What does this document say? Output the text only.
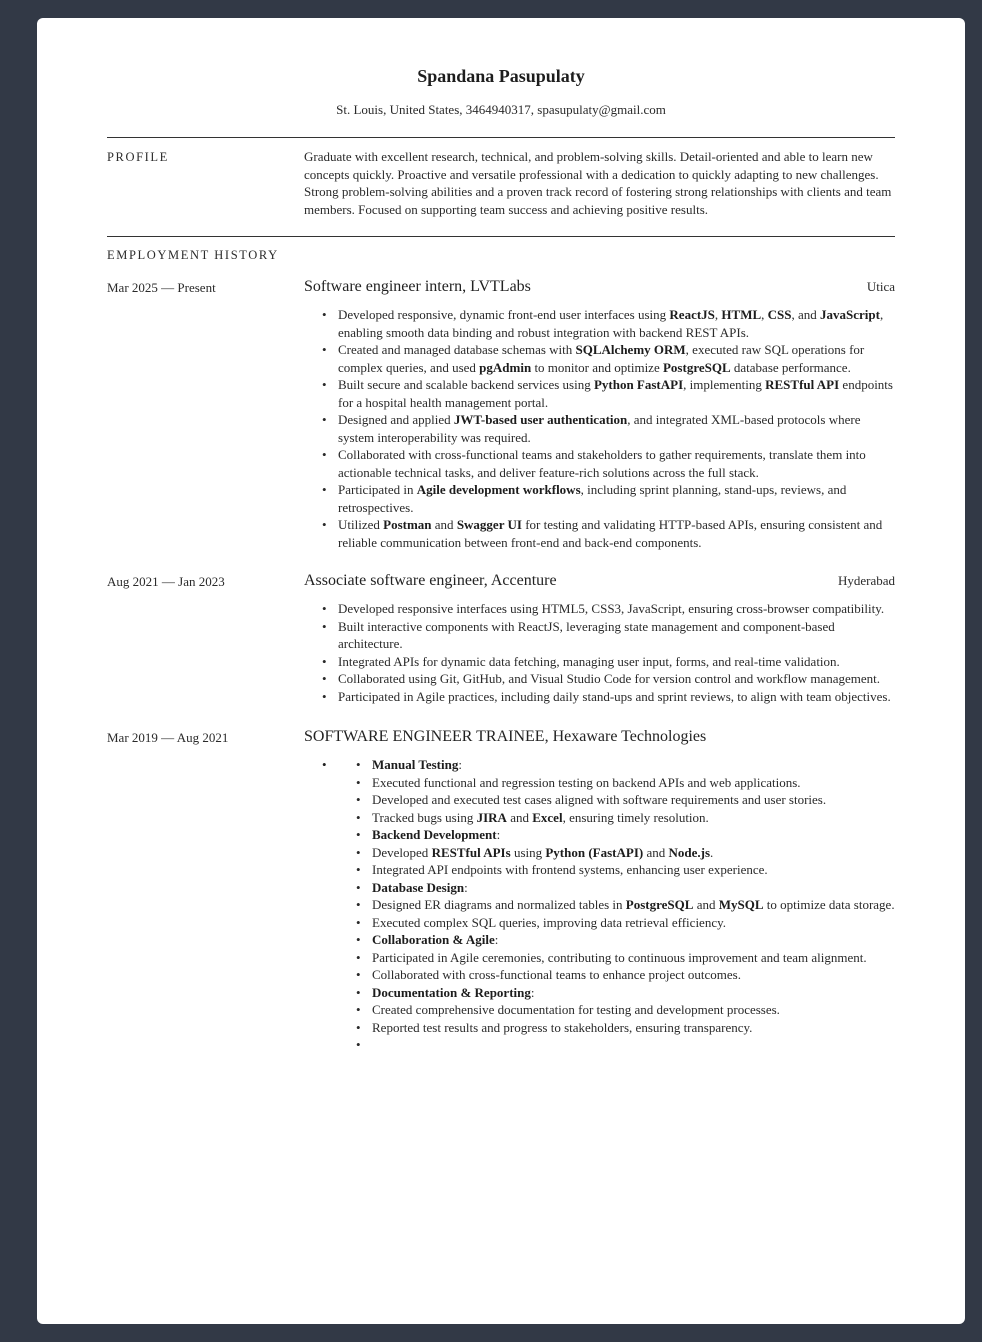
Spandana Pasupulaty
St. Louis, United States, 3464940317, spasupulaty@gmail.com
PROFILE	Graduate with excellent research, technical, and problem-solving skills. Detail-oriented and able to learn new concepts quickly. Proactive and versatile professional with a dedication to quickly adapting to new challenges. Strong problem-solving abilities and a proven track record of fostering strong relationships with clients and team members. Focused on supporting team success and achieving positive results.
EMPLOYMENT HISTORY
Mar 2025 — Present	Software engineer intern, LVTLabs	Utica
• Developed responsive, dynamic front-end user interfaces using ReactJS, HTML, CSS, and JavaScript, enabling smooth data binding and robust integration with backend REST APIs.
• Created and managed database schemas with SQLAlchemy ORM, executed raw SQL operations for complex queries, and used pgAdmin to monitor and optimize PostgreSQL database performance.
• Built secure and scalable backend services using Python FastAPI, implementing RESTful API endpoints for a hospital health management portal.
• Designed and applied JWT-based user authentication, and integrated XML-based protocols where system interoperability was required.
• Collaborated with cross-functional teams and stakeholders to gather requirements, translate them into actionable technical tasks, and deliver feature-rich solutions across the full stack.
• Participated in Agile development workflows, including sprint planning, stand-ups, reviews, and retrospectives.
• Utilized Postman and Swagger UI for testing and validating HTTP-based APIs, ensuring consistent and reliable communication between front-end and back-end components.
Aug 2021 — Jan 2023	Associate software engineer, Accenture	Hyderabad
• Developed responsive interfaces using HTML5, CSS3, JavaScript, ensuring cross-browser compatibility.
• Built interactive components with ReactJS, leveraging state management and component-based architecture.
• Integrated APIs for dynamic data fetching, managing user input, forms, and real-time validation.
• Collaborated using Git, GitHub, and Visual Studio Code for version control and workflow management.
• Participated in Agile practices, including daily stand-ups and sprint reviews, to align with team objectives.
Mar 2019 — Aug 2021	SOFTWARE ENGINEER TRAINEE, Hexaware Technologies
•
•	Manual Testing:
• Executed functional and regression testing on backend APIs and web applications.
• Developed and executed test cases aligned with software requirements and user stories.
• Tracked bugs using JIRA and Excel, ensuring timely resolution.
• Backend Development:
• Developed RESTful APIs using Python (FastAPI) and Node.js.
• Integrated API endpoints with frontend systems, enhancing user experience.
• Database Design:
• Designed ER diagrams and normalized tables in PostgreSQL and MySQL to optimize data storage.
• Executed complex SQL queries, improving data retrieval efficiency.
• Collaboration & Agile:
• Participated in Agile ceremonies, contributing to continuous improvement and team alignment.
• Collaborated with cross-functional teams to enhance project outcomes.
• Documentation & Reporting:
• Created comprehensive documentation for testing and development processes.
• Reported test results and progress to stakeholders, ensuring transparency.
•
